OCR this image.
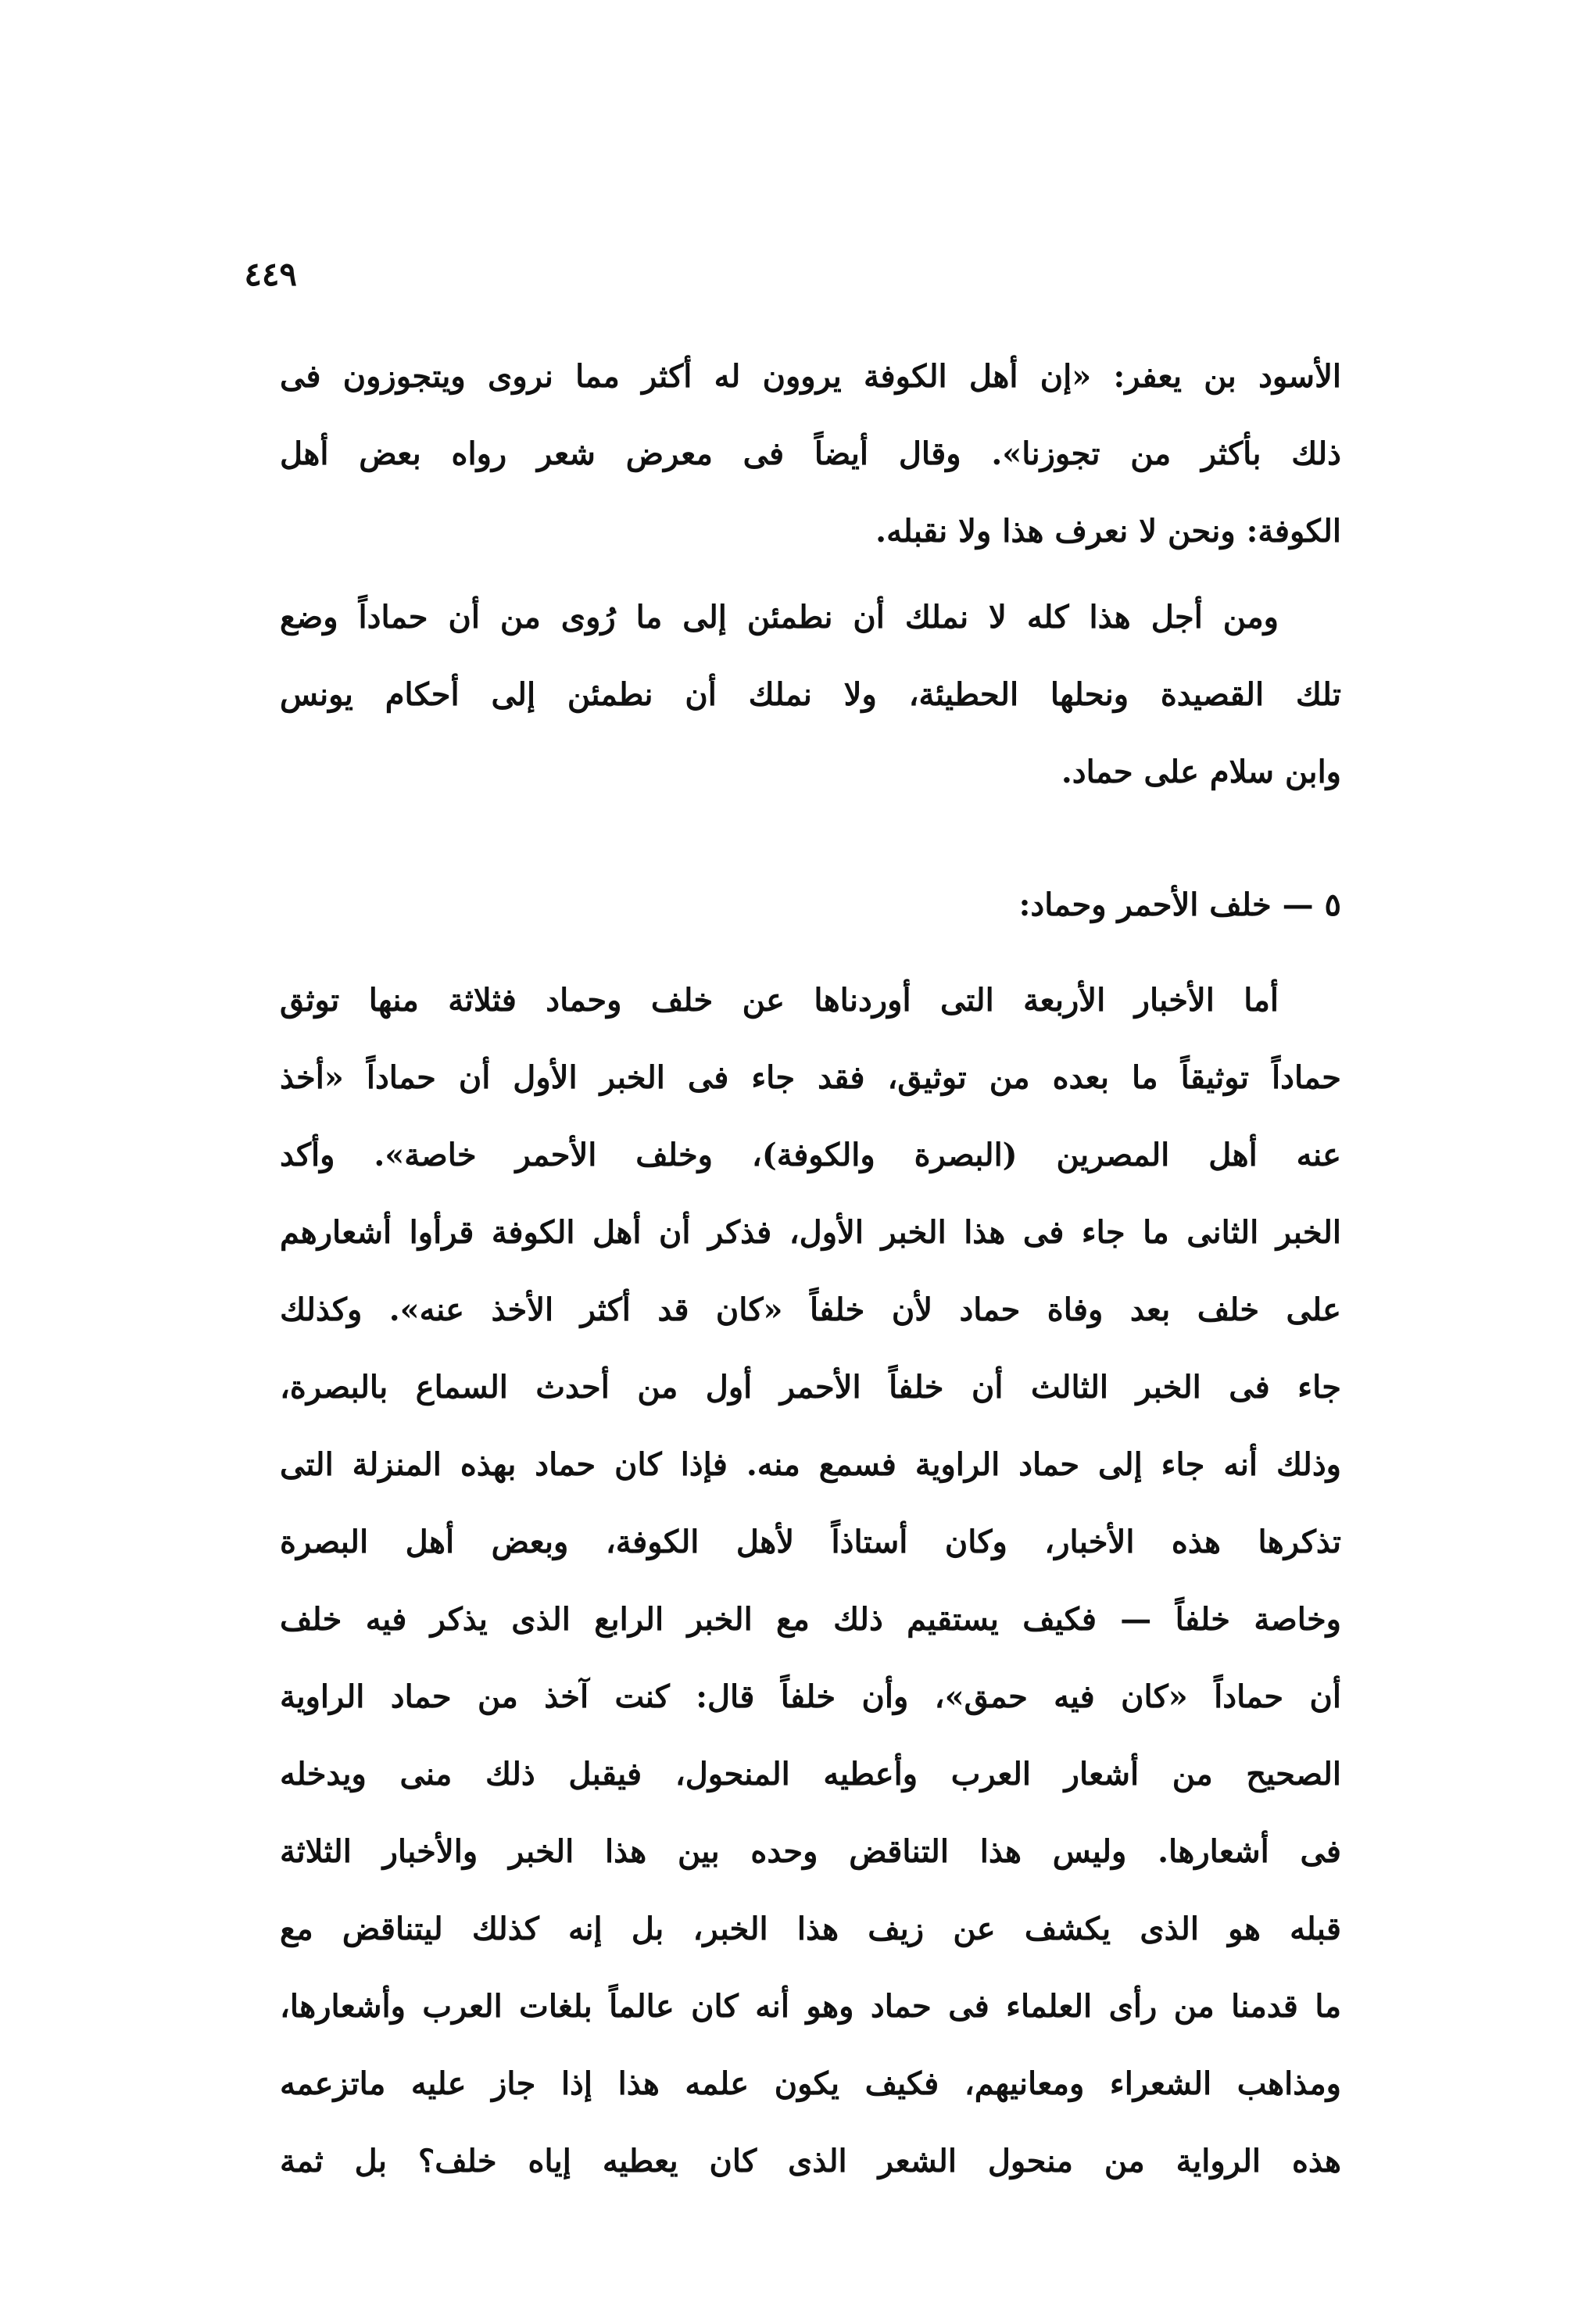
٤٤٩
الأسود بن يعفر: «إن أهل الكوفة يروون له أكثر مما نروى ويتجوزون فى
ذلك بأكثر من تجوزنا». وقال أيضاً فى معرض شعر رواه بعض أهل
الكوفة: ونحن لا نعرف هذا ولا نقبله.
ومن أجل هذا كله لا نملك أن نطمئن إلى ما رُوى من أن حماداً وضع
تلك القصيدة ونحلها الحطيئة، ولا نملك أن نطمئن إلى أحكام يونس
وابن سلام على حماد.
٥ — خلف الأحمر وحماد:
أما الأخبار الأربعة التى أوردناها عن خلف وحماد فثلاثة منها توثق
حماداً توثيقاً ما بعده من توثيق، فقد جاء فى الخبر الأول أن حماداً «أخذ
عنه أهل المصرين (البصرة والكوفة)، وخلف الأحمر خاصة». وأكد
الخبر الثانى ما جاء فى هذا الخبر الأول، فذكر أن أهل الكوفة قرأوا أشعارهم
على خلف بعد وفاة حماد لأن خلفاً «كان قد أكثر الأخذ عنه». وكذلك
جاء فى الخبر الثالث أن خلفاً الأحمر أول من أحدث السماع بالبصرة،
وذلك أنه جاء إلى حماد الراوية فسمع منه. فإذا كان حماد بهذه المنزلة التى
تذكرها هذه الأخبار، وكان أستاذاً لأهل الكوفة، وبعض أهل البصرة
وخاصة خلفاً — فكيف يستقيم ذلك مع الخبر الرابع الذى يذكر فيه خلف
أن حماداً «كان فيه حمق»، وأن خلفاً قال: كنت آخذ من حماد الراوية
الصحيح من أشعار العرب وأعطيه المنحول، فيقبل ذلك منى ويدخله
فى أشعارها. وليس هذا التناقض وحده بين هذا الخبر والأخبار الثلاثة
قبله هو الذى يكشف عن زيف هذا الخبر، بل إنه كذلك ليتناقض مع
ما قدمنا من رأى العلماء فى حماد وهو أنه كان عالماً بلغات العرب وأشعارها،
ومذاهب الشعراء ومعانيهم، فكيف يكون علمه هذا إذا جاز عليه ماتزعمه
هذه الرواية من منحول الشعر الذى كان يعطيه إياه خلف؟ بل ثمة
